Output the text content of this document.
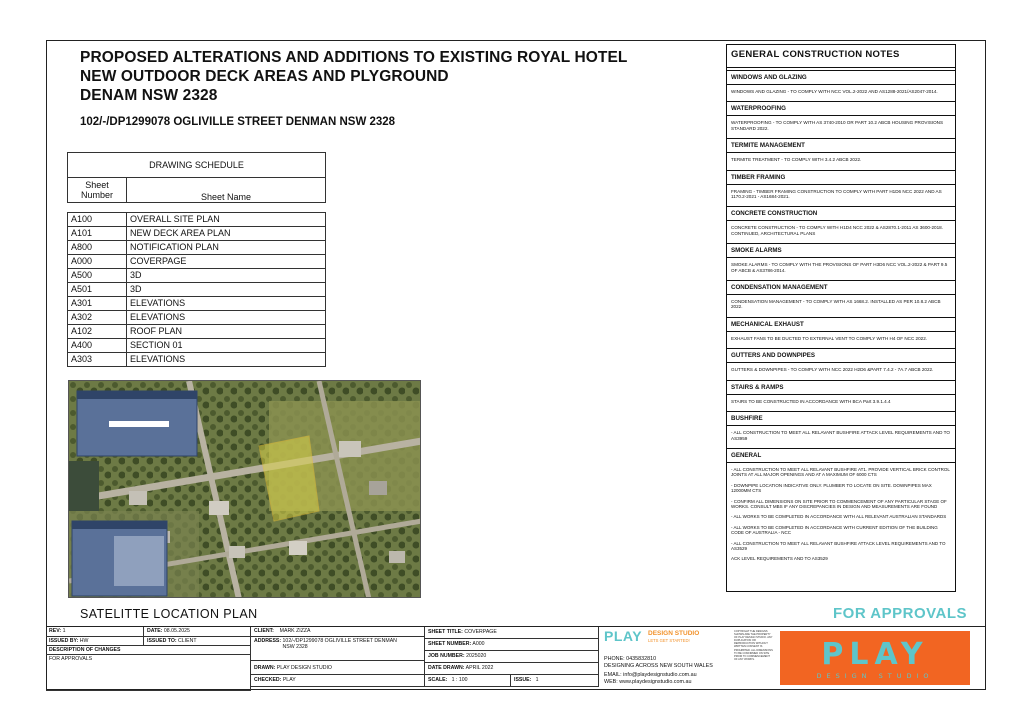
PROPOSED ALTERATIONS AND ADDITIONS TO EXISTING ROYAL HOTEL
NEW OUTDOOR DECK AREAS AND PLYGROUND
DENAM NSW 2328
102/-/DP1299078 OGLIVILLE STREET DENMAN NSW 2328
DRAWING SCHEDULE	
Sheet Number	Sheet Name

A100	OVERALL SITE PLAN
A101	NEW DECK AREA PLAN
A800	NOTIFICATION PLAN
A000	COVERPAGE
A500	3D
A501	3D
A301	ELEVATIONS
A302	ELEVATIONS
A102	ROOF PLAN
A400	SECTION 01
A303	ELEVATIONS
SATELITTE LOCATION PLAN
GENERAL CONSTRUCTION NOTES
WINDOWS AND GLAZING
WINDOWS AND GLAZING - TO COMPLY WITH NCC VOL.2-2022 AND AS1288-2021/AS2047-2014.
WATERPROOFING
WATERPROOFING - TO COMPLY WITH AS 3740-2010 OR PART 10.2 ABCB HOUSING PROVISIONS STANDARD 2022.
TERMITE MANAGEMENT
TERMITE TREATMENT - TO COMPLY WITH 3.4.2 ABCB 2022.
TIMBER FRAMING
FRAMING - TIMBER FRAMING CONSTRUCTION TO COMPLY WITH PART H1D6 NCC 2022 AND AS 1170.2-2021 - AS1684-2021.
CONCRETE CONSTRUCTION
CONCRETE CONSTRUCTION - TO COMPLY WITH H1D4 NCC 2022 & AS2870.1-2011 AS 3600-2018. CONTINUED, ARCHITECTURAL PLANS
SMOKE ALARMS
SMOKE ALARMS - TO COMPLY WITH THE PROVISIONS OF PART H3D6 NCC VOL.2-2022 & PART 9.5 OF ABCB & AS3786-2014.
CONDENSATION MANAGEMENT
CONDENSATION MANAGEMENT - TO COMPLY WITH AS 1668.2. INSTALLED AS PER 10.8.2 ABCB 2022.
MECHANICAL EXHAUST
EXHAUST FANS TO BE DUCTED TO EXTERNAL VENT TO COMPLY WITH H4 OF NCC 2022.
GUTTERS AND DOWNPIPES
GUTTERS & DOWNPIPES - TO COMPLY WITH NCC 2022 H2D6 &PART 7.4.2 - 7A.7 ABCB 2022.
STAIRS & RAMPS
STAIRS TO BE CONSTRUCTED IN ACCORDANCE WITH BCA Part 3.9.1.4.4
BUSHFIRE
- ALL CONSTRUCTION TO MEET ALL RELAVANT BUSHFIRE ATTACK LEVEL REQUIREMENTS AND TO AS3959
GENERAL
- ALL CONSTRUCTION TO MEET ALL RELAVANT BUSHFIRE AT1. PROVIDE VERTICAL BRICK CONTROL JOINTS AT ALL MAJOR OPENINGS AND AT A MAXIMUM OF 6000 CTS
- DOWNPIPE LOCATION INDICATIVE ONLY. PLUMBER TO LOCATE ON SITE. DOWNPIPES MAX 12000MM CTS
- CONFIRM ALL DIMENSIONS ON SITE PRIOR TO COMMENCEMENT OF ANY PARTICULAR STAGE OF WORKS. CONSULT MBS IF ANY DISCREPANCIES IN DESIGN AND MEASUREMENTS ARE FOUND
- ALL WORKS TO BE COMPLETED IN ACCORDANCE WITH ALL RELEVANT AUSTRALIAN STANDARDS
- ALL WORKS TO BE COMPLETED IN ACCORDANCE WITH CURRENT EDITION OF THE BUILDING CODE OF AUSTRALIA - NCC
- ALL CONSTRUCTION TO MEET ALL RELAVANT BUSHFIRE ATTACK LEVEL REQUIREMENTS AND TO AS3529
ACK LEVEL REQUIREMENTS AND TO AS3529
FOR APPROVALS
REV: 1	DATE: 08.05.2025
ISSUED BY: HW	ISSUED TO: CLIENT
DESCRIPTION OF CHANGES
FOR APPROVALS
CLIENT: MARK ZIZZA
ADDRESS: 102/-/DP1299078 OGLIVILLE STREET DENMAN NSW 2328
DRAWN: PLAY DESIGN STUDIO
CHECKED: PLAY
SHEET TITLE: COVERPAGE
SHEET NUMBER: A000
JOB NUMBER: 2025020
DATE DRAWN: APRIL 2022
SCALE: 1 : 100	ISSUE: 1
PLAY DESIGN STUDIO
LETS GET STARTED!
PHONE: 0435832810
DESIGNING ACROSS NEW SOUTH WALES
EMAIL: info@playdesignstudio.com.au
WEB: www.playdesignstudio.com.au
COPYRIGHT THE DESIGNS SHOWN ARE THE PROPERTY OF PLAY DESIGN STUDIO. ANY DUPLICATION OR REPRODUCTION WITHOUT WRITTEN CONSENT IS PROHIBITED. ALL DIMENSIONS TO BE CONFIRMED ON SITE PRIOR TO COMMENCEMENT OF ANY WORKS.	PLAY
DESIGN STUDIO
